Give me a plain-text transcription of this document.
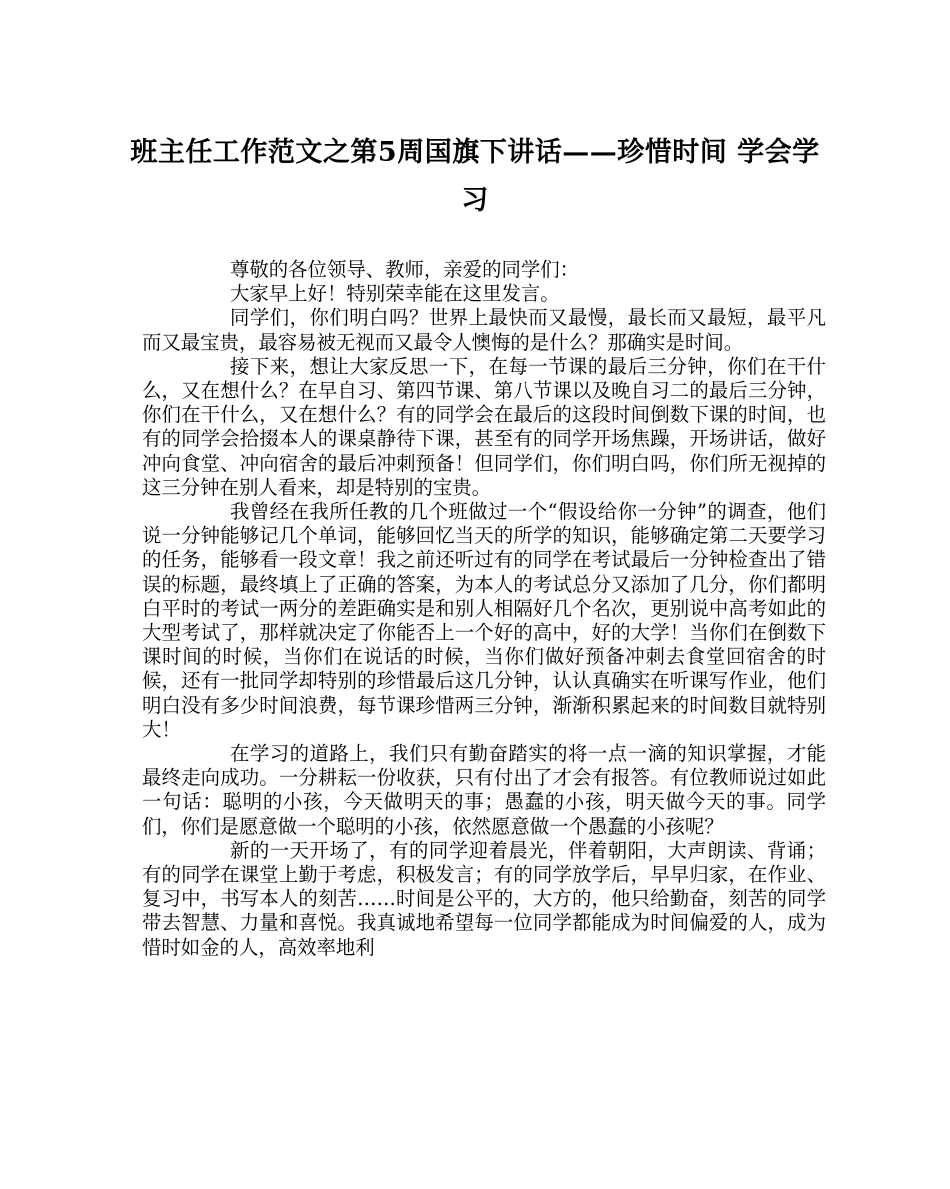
班主任工作范文之第5周国旗下讲话——珍惜时间 学会学习

尊敬的各位领导、教师，亲爱的同学们：

大家早上好！特别荣幸能在这里发言。

同学们，你们明白吗？世界上最快而又最慢，最长而又最短，最平凡而又最宝贵，最容易被无视而又最令人懊悔的是什么？那确实是时间。

接下来，想让大家反思一下，在每一节课的最后三分钟，你们在干什么，又在想什么？在早自习、第四节课、第八节课以及晚自习二的最后三分钟，你们在干什么，又在想什么？有的同学会在最后的这段时间倒数下课的时间，也有的同学会拾掇本人的课桌静待下课，甚至有的同学开场焦躁，开场讲话，做好冲向食堂、冲向宿舍的最后冲刺预备！但同学们，你们明白吗，你们所无视掉的这三分钟在别人看来，却是特别的宝贵。

我曾经在我所任教的几个班做过一个“假设给你一分钟”的调查，他们说一分钟能够记几个单词，能够回忆当天的所学的知识，能够确定第二天要学习的任务，能够看一段文章！我之前还听过有的同学在考试最后一分钟检查出了错误的标题，最终填上了正确的答案，为本人的考试总分又添加了几分，你们都明白平时的考试一两分的差距确实是和别人相隔好几个名次，更别说中高考如此的大型考试了，那样就决定了你能否上一个好的高中，好的大学！当你们在倒数下课时间的时候，当你们在说话的时候，当你们做好预备冲刺去食堂回宿舍的时候，还有一批同学却特别的珍惜最后这几分钟，认认真确实在听课写作业，他们明白没有多少时间浪费，每节课珍惜两三分钟，渐渐积累起来的时间数目就特别大！

在学习的道路上，我们只有勤奋踏实的将一点一滴的知识掌握，才能最终走向成功。一分耕耘一份收获，只有付出了才会有报答。有位教师说过如此一句话：聪明的小孩，今天做明天的事；愚蠢的小孩，明天做今天的事。同学们，你们是愿意做一个聪明的小孩，依然愿意做一个愚蠢的小孩呢？

新的一天开场了，有的同学迎着晨光，伴着朝阳，大声朗读、背诵；有的同学在课堂上勤于考虑，积极发言；有的同学放学后，早早归家，在作业、复习中，书写本人的刻苦……时间是公平的，大方的，他只给勤奋，刻苦的同学带去智慧、力量和喜悦。我真诚地希望每一位同学都能成为时间偏爱的人，成为惜时如金的人，高效率地利
